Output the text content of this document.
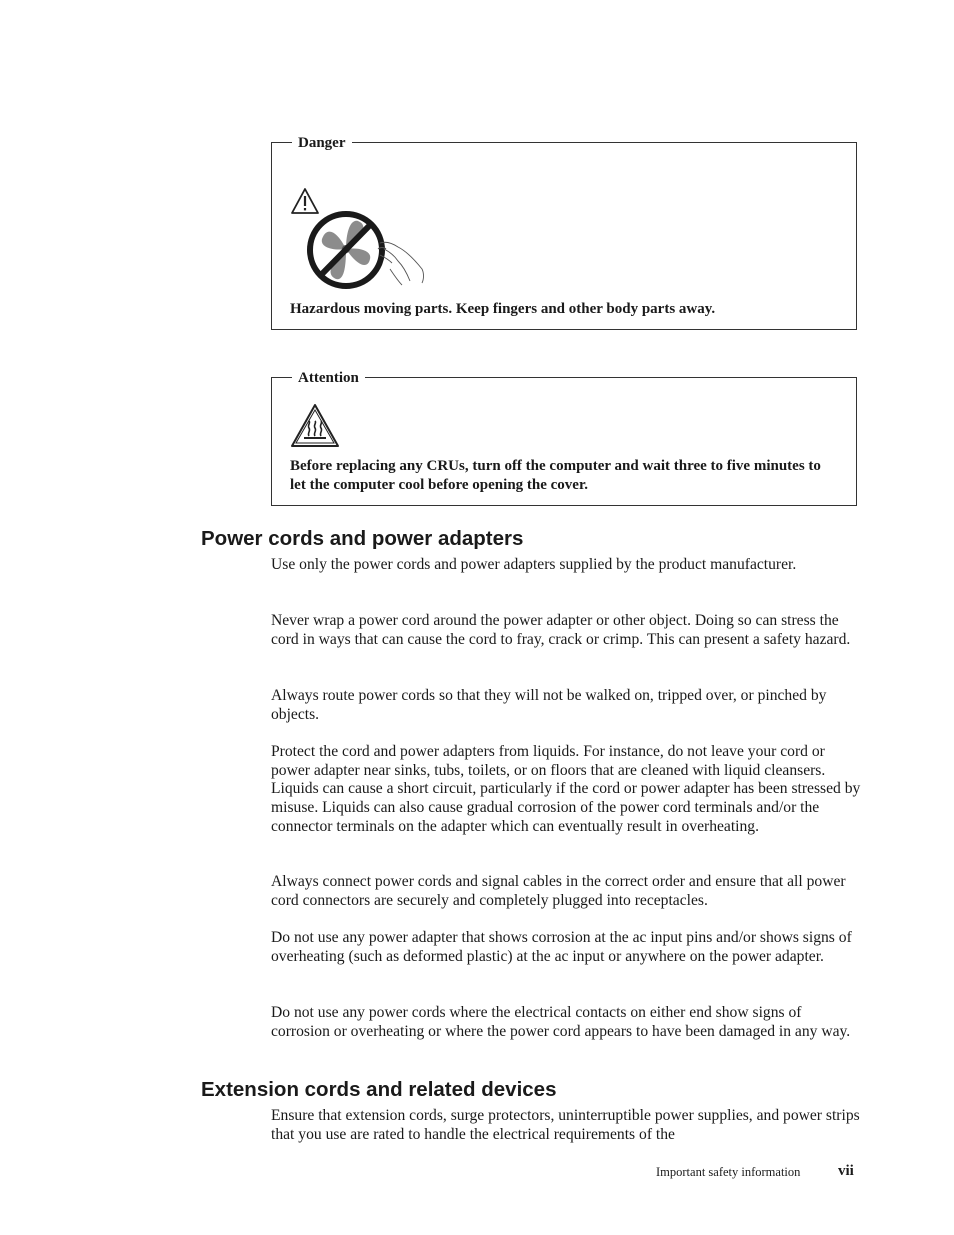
Danger
Hazardous moving parts. Keep fingers and other body parts away.
Attention
Before replacing any CRUs, turn off the computer and wait three to five minutes to let the computer cool before opening the cover.
Power cords and power adapters

Use only the power cords and power adapters supplied by the product manufacturer.

Never wrap a power cord around the power adapter or other object. Doing so can stress the cord in ways that can cause the cord to fray, crack or crimp. This can present a safety hazard.

Always route power cords so that they will not be walked on, tripped over, or pinched by objects.

Protect the cord and power adapters from liquids. For instance, do not leave your cord or power adapter near sinks, tubs, toilets, or on floors that are cleaned with liquid cleansers. Liquids can cause a short circuit, particularly if the cord or power adapter has been stressed by misuse. Liquids can also cause gradual corrosion of the power cord terminals and/or the connector terminals on the adapter which can eventually result in overheating.

Always connect power cords and signal cables in the correct order and ensure that all power cord connectors are securely and completely plugged into receptacles.

Do not use any power adapter that shows corrosion at the ac input pins and/or shows signs of overheating (such as deformed plastic) at the ac input or anywhere on the power adapter.

Do not use any power cords where the electrical contacts on either end show signs of corrosion or overheating or where the power cord appears to have been damaged in any way.

Extension cords and related devices

Ensure that extension cords, surge protectors, uninterruptible power supplies, and power strips that you use are rated to handle the electrical requirements of the

Important safety information	vii
